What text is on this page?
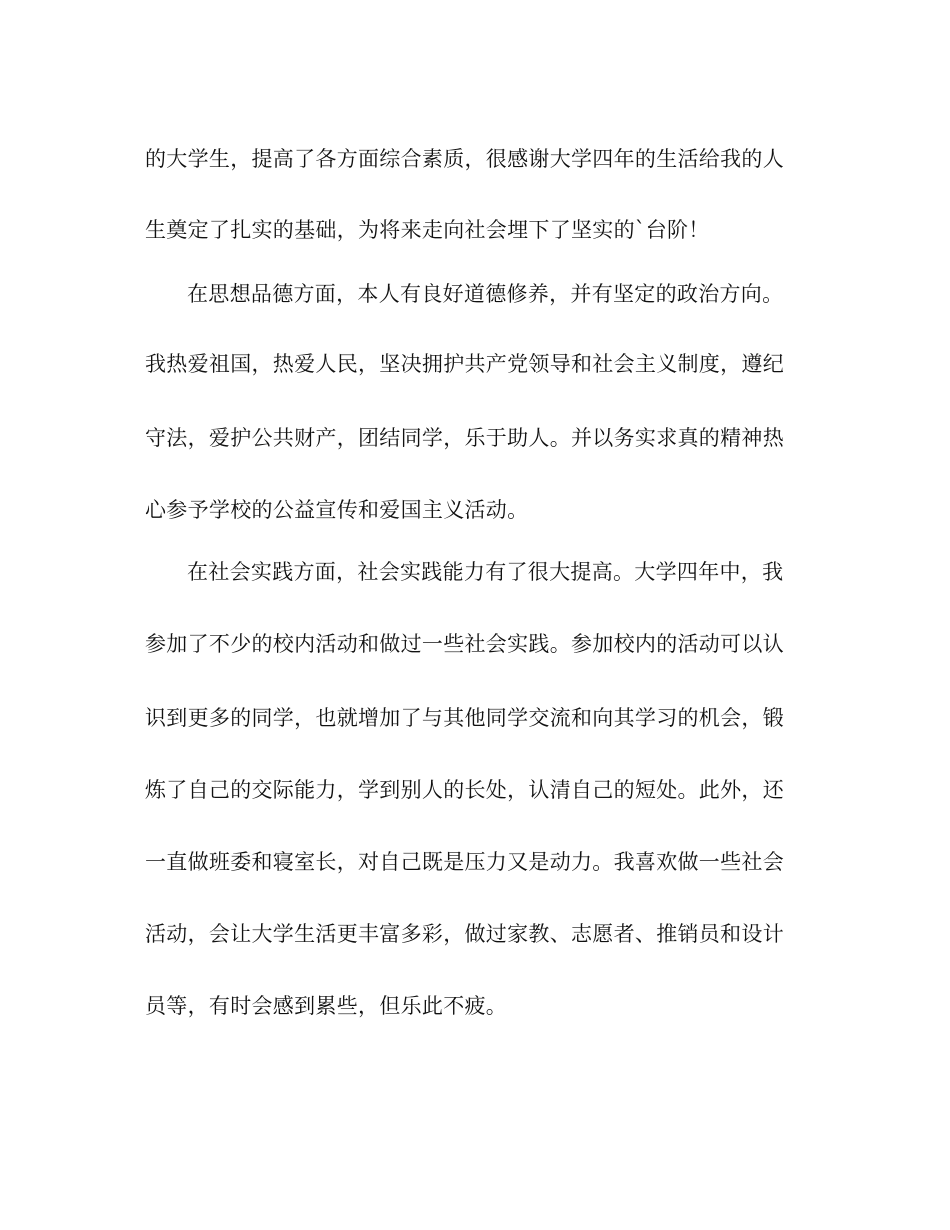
的大学生，提高了各方面综合素质，很感谢大学四年的生活给我的人
生奠定了扎实的基础，为将来走向社会埋下了坚实的`台阶！
在思想品德方面，本人有良好道德修养，并有坚定的政治方向。
我热爱祖国，热爱人民，坚决拥护共产党领导和社会主义制度，遵纪
守法，爱护公共财产，团结同学，乐于助人。并以务实求真的精神热
心参予学校的公益宣传和爱国主义活动。
在社会实践方面，社会实践能力有了很大提高。大学四年中，我
参加了不少的校内活动和做过一些社会实践。参加校内的活动可以认
识到更多的同学，也就增加了与其他同学交流和向其学习的机会，锻
炼了自己的交际能力，学到别人的长处，认清自己的短处。此外，还
一直做班委和寝室长，对自己既是压力又是动力。我喜欢做一些社会
活动，会让大学生活更丰富多彩，做过家教、志愿者、推销员和设计
员等，有时会感到累些，但乐此不疲。
